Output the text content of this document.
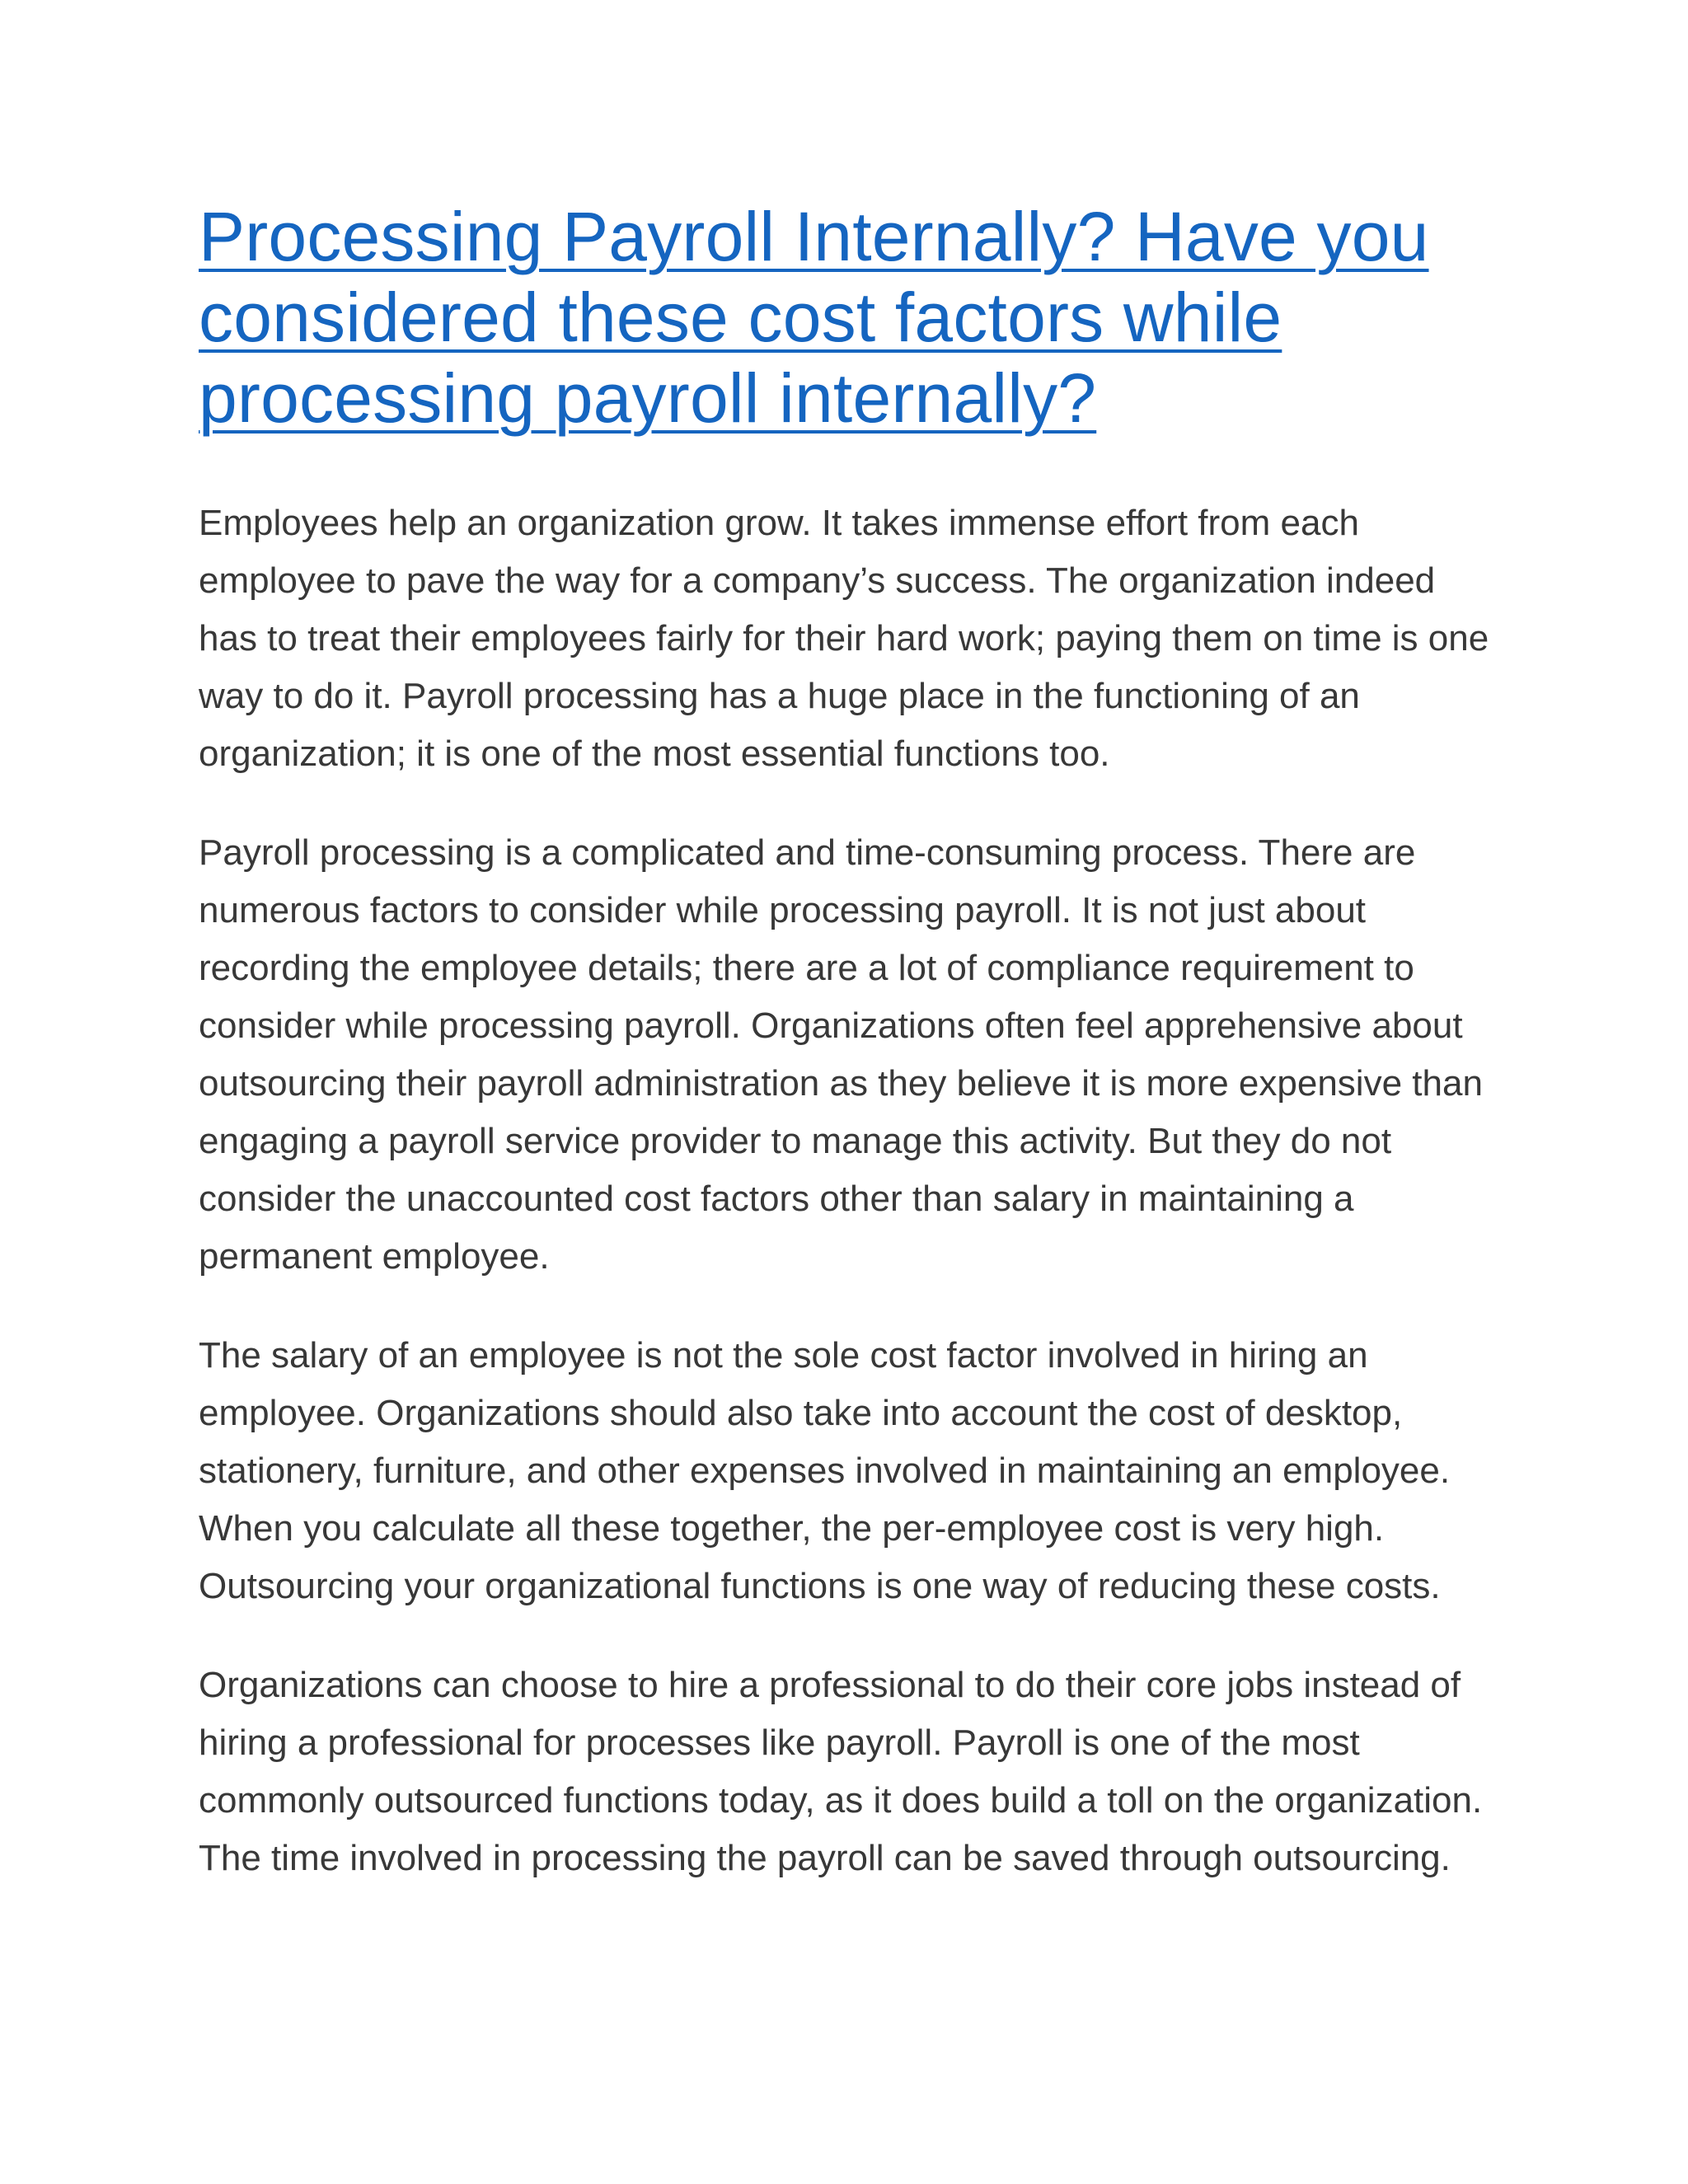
Processing Payroll Internally? Have you considered these cost factors while processing payroll internally?

Employees help an organization grow. It takes immense effort from each employee to pave the way for a company’s success. The organization indeed has to treat their employees fairly for their hard work; paying them on time is one way to do it. Payroll processing has a huge place in the functioning of an organization; it is one of the most essential functions too.

Payroll processing is a complicated and time-consuming process. There are numerous factors to consider while processing payroll. It is not just about recording the employee details; there are a lot of compliance requirement to consider while processing payroll. Organizations often feel apprehensive about outsourcing their payroll administration as they believe it is more expensive than engaging a payroll service provider to manage this activity. But they do not consider the unaccounted cost factors other than salary in maintaining a permanent employee.

The salary of an employee is not the sole cost factor involved in hiring an employee. Organizations should also take into account the cost of desktop, stationery, furniture, and other expenses involved in maintaining an employee. When you calculate all these together, the per-employee cost is very high. Outsourcing your organizational functions is one way of reducing these costs.

Organizations can choose to hire a professional to do their core jobs instead of hiring a professional for processes like payroll. Payroll is one of the most commonly outsourced functions today, as it does build a toll on the organization. The time involved in processing the payroll can be saved through outsourcing.
